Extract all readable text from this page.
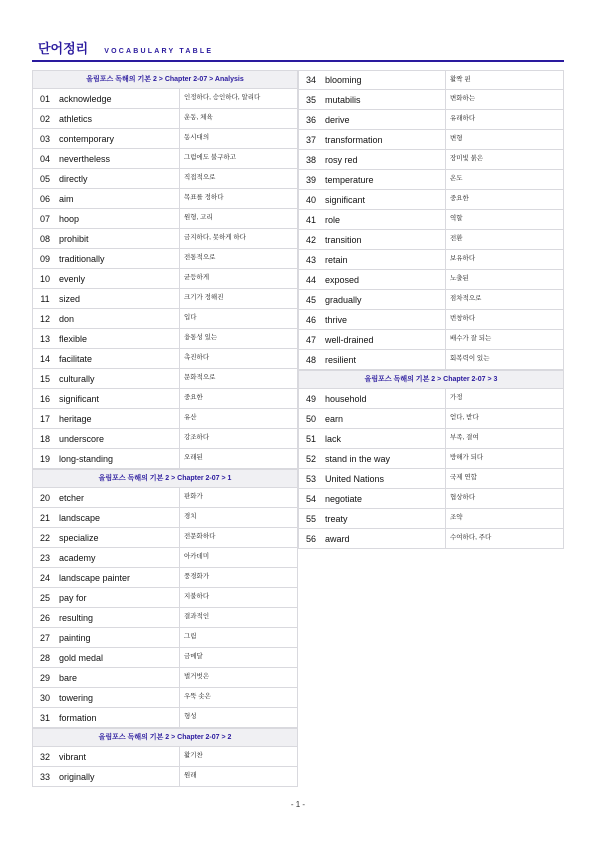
단어정리 VOCABULARY TABLE
올림포스 독해의 기본 2 > Chapter 2-07 > Analysis
01	acknowledge	인정하다, 승인하다, 알리다
02	athletics	운동, 체육
03	contemporary	동시대의
04	nevertheless	그럼에도 불구하고
05	directly	직접적으로
06	aim	목표를 정하다
07	hoop	원형, 고리
08	prohibit	금지하다, 못하게 하다
09	traditionally	전통적으로
10	evenly	균등하게
11	sized	크기가 정해진
12	don	입다
13	flexible	융통성 있는
14	facilitate	촉진하다
15	culturally	문화적으로
16	significant	중요한
17	heritage	유산
18	underscore	강조하다
19	long-standing	오래된
올림포스 독해의 기본 2 > Chapter 2-07 > 1
20	etcher	판화가
21	landscape	경치
22	specialize	전문화하다
23	academy	아카데미
24	landscape painter	풍경화가
25	pay for	지불하다
26	resulting	결과적인
27	painting	그림
28	gold medal	금메달
29	bare	벌거벗은
30	towering	우뚝 솟은
31	formation	형성
올림포스 독해의 기본 2 > Chapter 2-07 > 2
32	vibrant	활기찬
33	originally	원래
34	blooming	활짝 핀
35	mutabilis	변화하는
36	derive	유래하다
37	transformation	변형
38	rosy red	장미빛 붉은
39	temperature	온도
40	significant	중요한
41	role	역할
42	transition	전환
43	retain	보유하다
44	exposed	노출된
45	gradually	점차적으로
46	thrive	번창하다
47	well-drained	배수가 잘 되는
48	resilient	회복력이 있는
올림포스 독해의 기본 2 > Chapter 2-07 > 3
49	household	가정
50	earn	얻다, 받다
51	lack	부족, 결여
52	stand in the way	방해가 되다
53	United Nations	국제 연합
54	negotiate	협상하다
55	treaty	조약
56	award	수여하다, 주다
- 1 -
